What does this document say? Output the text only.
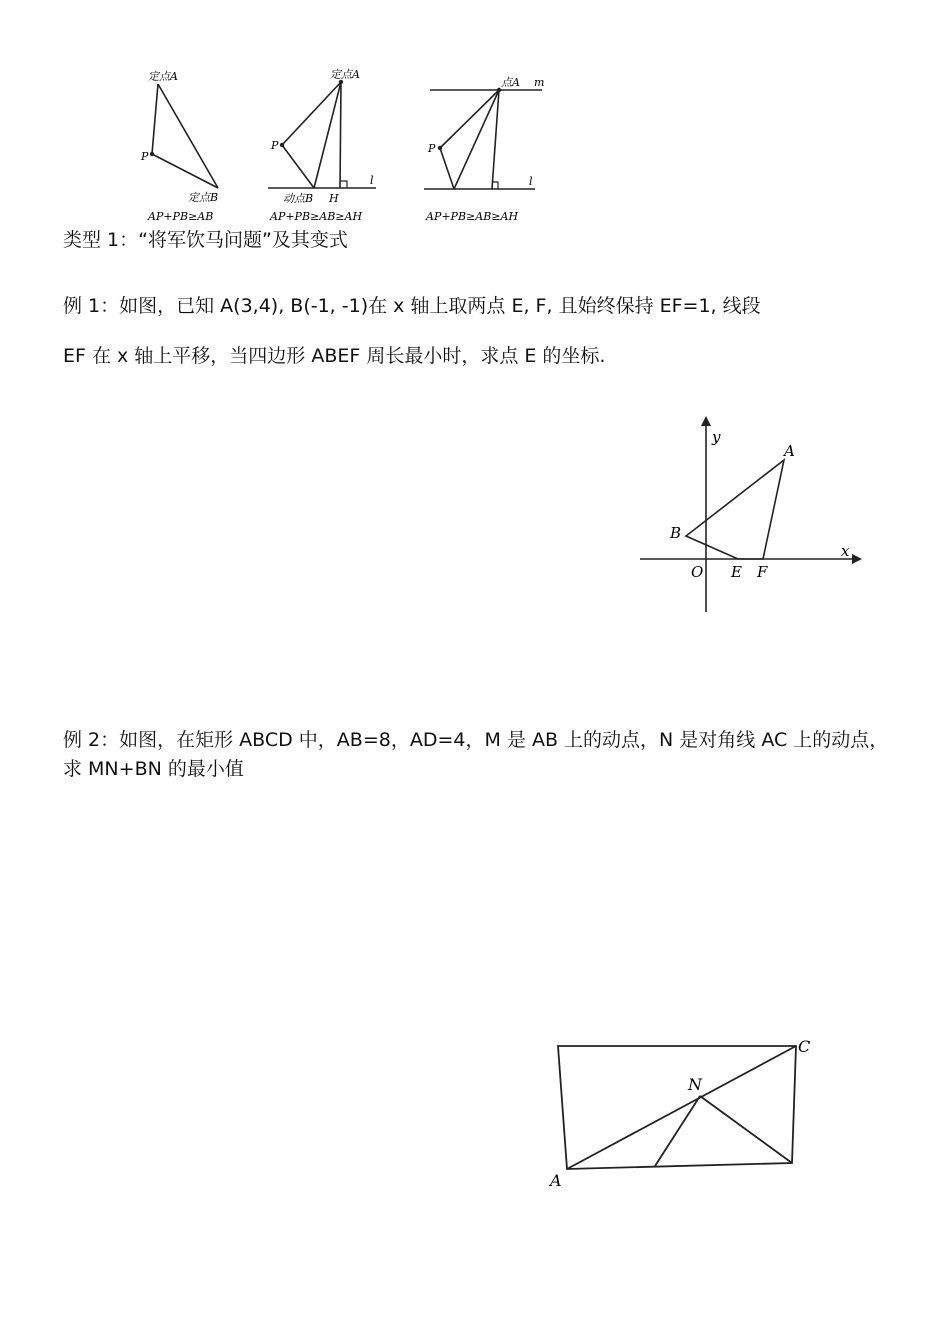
定点A
P
定点B
AP+PB≥AB
定点A
P
动点B H
l
AP+PB≥AB≥AH
点A m
P
l
AP+PB≥AB≥AH
类型 1：“将军饮马问题”及其变式
例 1：如图，已知 A(3,4), B(-1, -1)在 x 轴上取两点 E, F, 且始终保持 EF=1, 线段
EF 在 x 轴上平移，当四边形 ABEF 周长最小时，求点 E 的坐标.
y
A
B
x
O E F
例 2：如图，在矩形 ABCD 中，AB=8，AD=4，M 是 AB 上的动点，N 是对角线 AC 上的动点，求 MN+BN 的最小值
C
N
A
